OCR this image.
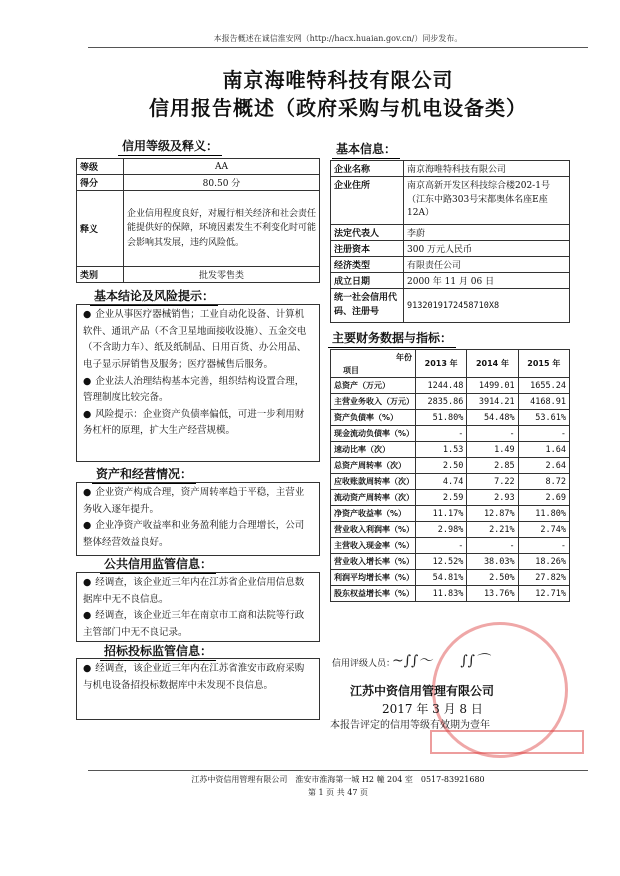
本报告概述在诚信淮安网（http://hacx.huaian.gov.cn/）同步发布。
南京海唯特科技有限公司
信用报告概述（政府采购与机电设备类）
信用等级及释义：
等级	AA
得分	80.50 分
释义	企业信用程度良好，对履行相关经济和社会责任能提供好的保障，环境因素发生不利变化时可能会影响其发展，违约风险低。
类别	批发零售类
基本结论及风险提示：

● 企业从事医疗器械销售；工业自动化设备、计算机软件、通讯产品（不含卫星地面接收设施）、五金交电（不含助力车）、纸及纸制品、日用百货、办公用品、电子显示屏销售及服务；医疗器械售后服务。

● 企业法人治理结构基本完善，组织结构设置合理，管理制度比较完备。

● 风险提示：企业资产负债率偏低，可进一步利用财务杠杆的原理，扩大生产经营规模。

资产和经营情况：

● 企业资产构成合理，资产周转率趋于平稳，主营业务收入逐年提升。

● 企业净资产收益率和业务盈利能力合理增长，公司整体经营效益良好。

公共信用监管信息：

● 经调查，该企业近三年内在江苏省企业信用信息数据库中无不良信息。

● 经调查，该企业近三年在南京市工商和法院等行政主管部门中无不良记录。

招标投标监管信息：

● 经调查，该企业近三年内在江苏省淮安市政府采购与机电设备招投标数据库中未发现不良信息。

基本信息：
企业名称	南京海唯特科技有限公司
企业住所	南京高新开发区科技综合楼202-1号（江东中路303号宋都奥体名座E座12A）
法定代表人	李蔚
注册资本	300 万元人民币
经济类型	有限责任公司
成立日期	2000 年 11 月 06 日
统一社会信用代码、注册号	9132019172458710X8
主要财务数据与指标：
年份
项目	2013 年	2014 年	2015 年
总资产（万元）	1244.48	1499.01	1655.24
主营业务收入（万元）	2835.86	3914.21	4168.91
资产负债率（%）	51.80%	54.48%	53.61%
现金流动负债率（%）	-	-	-
速动比率（次）	1.53	1.49	1.64
总资产周转率（次）	2.50	2.85	2.64
应收账款周转率（次）	4.74	7.22	8.72
流动资产周转率（次）	2.59	2.93	2.69
净资产收益率（%）	11.17%	12.87%	11.80%
营业收入利润率（%）	2.98%	2.21%	2.74%
主营收入现金率（%）	-	-	-
营业收入增长率（%）	12.52%	38.03%	18.26%
利润平均增长率（%）	54.81%	2.50%	27.82%
股东权益增长率（%）	11.83%	13.76%	12.71%
信用评级人员：
~∫∫～　　∫∫⌒
江苏中资信用管理有限公司
2017 年 3 月 8 日
本报告评定的信用等级有效期为壹年
江苏中资信用管理有限公司　淮安市淮海第一城 H2 幢 204 室　0517-83921680
第 1 页 共 47 页
